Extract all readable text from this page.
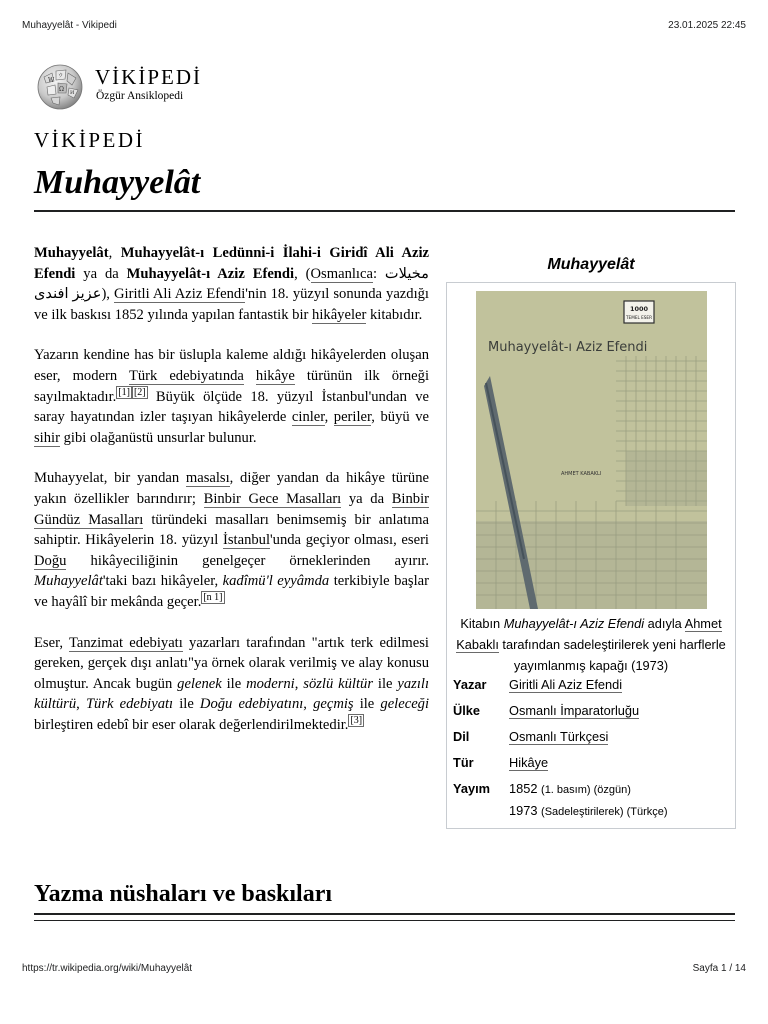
Muhayyelât - Vikipedi	23.01.2025 22:45
W
Ω И
ウ VİKİPEDİ
Özgür Ansiklopedi
VİKİPEDİ
Muhayyelât

Muhayyelât, Muhayyelât-ı Ledünni-i İlahi-i Giridî Ali Aziz Efendi ya da Muhayyelât-ı Aziz Efendi, (Osmanlıca: مخيلات عزيز افندى), Giritli Ali Aziz Efendi'nin 18. yüzyıl sonunda yazdığı ve ilk baskısı 1852 yılında yapılan fantastik bir hikâyeler kitabıdır.

Yazarın kendine has bir üslupla kaleme aldığı hikâyelerden oluşan eser, modern Türk edebiyatında hikâye türünün ilk örneği sayılmaktadır. [1] [2] Büyük ölçüde 18. yüzyıl İstanbul'undan ve saray hayatından izler taşıyan hikâyelerde cinler, periler, büyü ve sihir gibi olağanüstü unsurlar bulunur.

Muhayyelat, bir yandan masalsı, diğer yandan da hikâye türüne yakın özellikler barındırır; Binbir Gece Masalları ya da Binbir Gündüz Masalları türündeki masalları benimsemiş bir anlatıma sahiptir. Hikâyelerin 18. yüzyıl İstanbul'unda geçiyor olması, eseri Doğu hikâyeciliğinin genelgeçer örneklerinden ayırır. Muhayyelât'taki bazı hikâyeler, kadîmü'l eyyâmda terkibiyle başlar ve hayâlî bir mekânda geçer. [n 1]

Eser, Tanzimat edebiyatı yazarları tarafından "artık terk edilmesi gereken, gerçek dışı anlatı"ya örnek olarak verilmiş ve alay konusu olmuştur. Ancak bugün gelenek ile moderni, sözlü kültür ile yazılı kültürü, Türk edebiyatı ile Doğu edebiyatını, geçmiş ile geleceği birleştiren edebî bir eser olarak değerlendirilmektedir. [3]

Muhayyelât
1000
TEMEL ESER
Muhayyelât-ı Aziz Efendi
AHMET KABAKLI
Kitabın Muhayyelât-ı Aziz Efendi adıyla Ahmet Kabaklı tarafından sadeleştirilerek yeni harflerle yayımlanmış kapağı (1973)
Yazar Giritli Ali Aziz Efendi
Ülke Osmanlı İmparatorluğu
Dil	Osmanlı Türkçesi
Tür	Hikâye
Yayım 1852 (1. basım) (özgün)
1973 (Sadeleştirilerek) (Türkçe)
Yazma nüshaları ve baskıları
https://tr.wikipedia.org/wiki/Muhayyelât	Sayfa 1 / 14
